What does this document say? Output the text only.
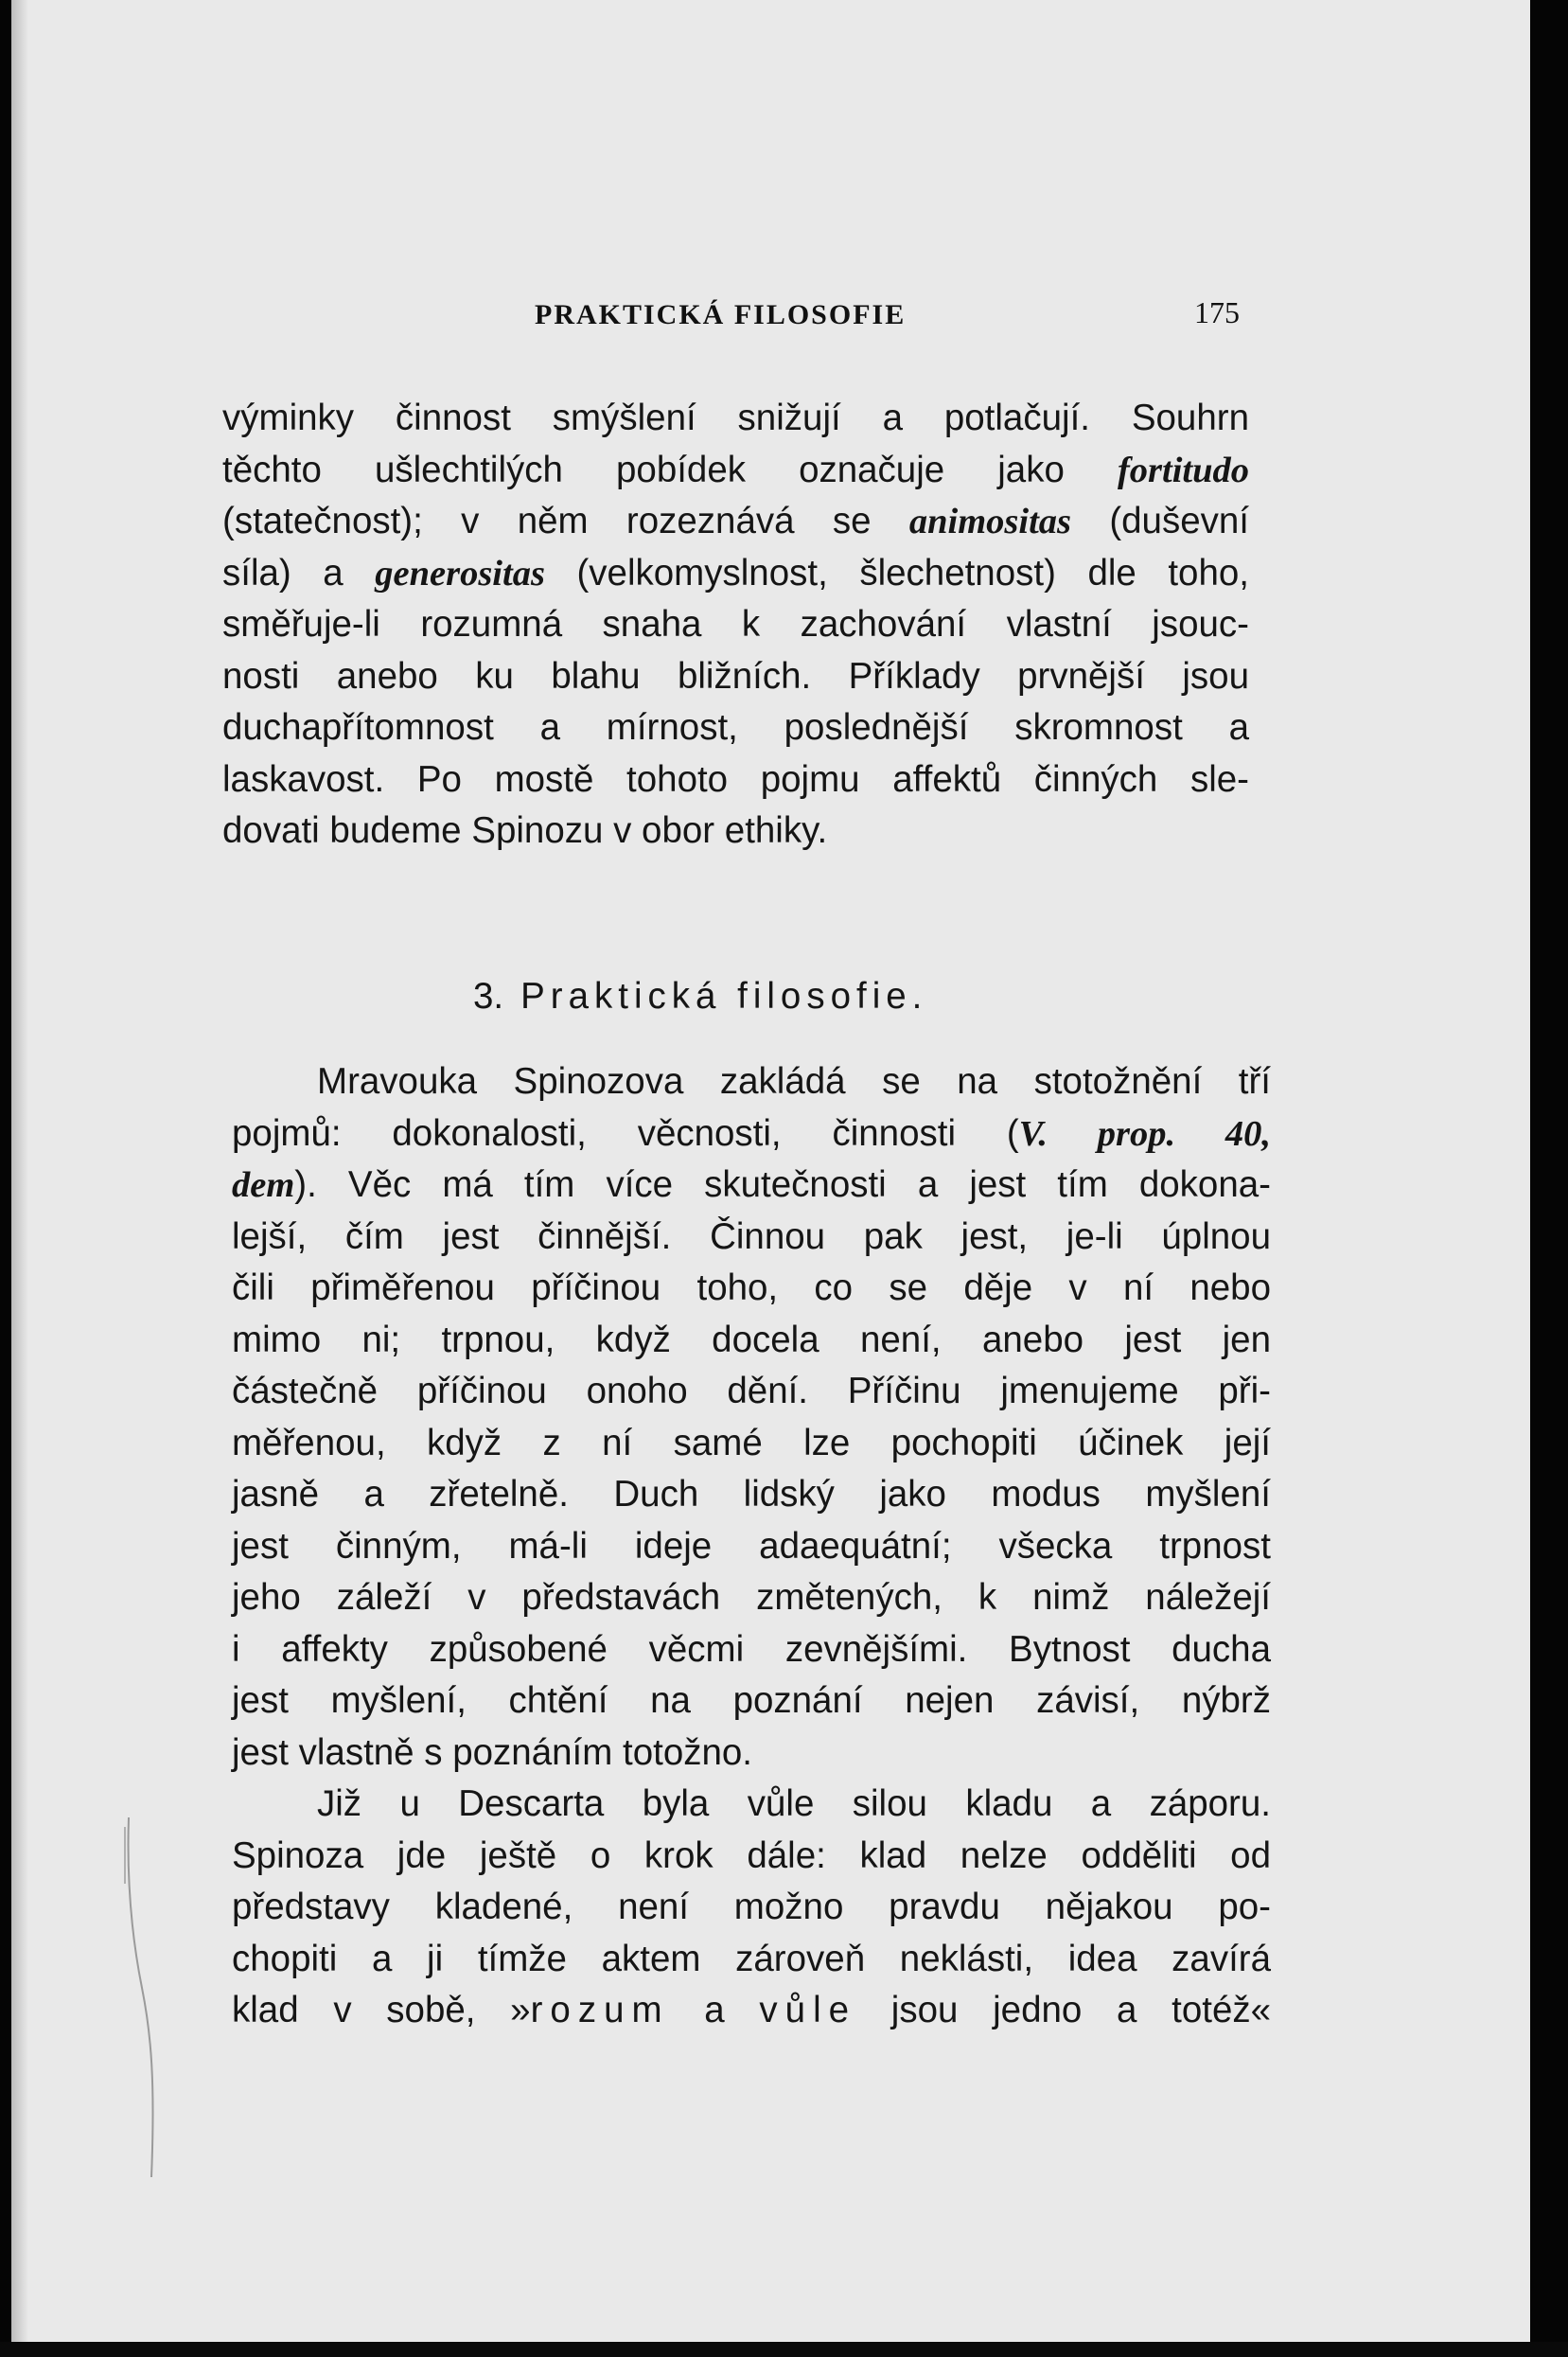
PRAKTICKÁ FILOSOFIE	175
výminky činnost smýšlení snižují a potlačují. Souhrn
těchto ušlechtilých pobídek označuje jako fortitudo
(statečnost); v něm rozeznává se animositas (duševní
síla) a generositas (velkomyslnost, šlechetnost) dle toho,
směřuje-li rozumná snaha k zachování vlastní jsouc-
nosti anebo ku blahu bližních. Příklady prvnější jsou
duchapřítomnost a mírnost, poslednější skromnost a
laskavost. Po mostě tohoto pojmu affektů činných sle-
dovati budeme Spinozu v obor ethiky.
3. Praktická filosofie.
Mravouka Spinozova zakládá se na stotožnění tří
pojmů: dokonalosti, věcnosti, činnosti (V. prop. 40,
dem). Věc má tím více skutečnosti a jest tím dokona-
lejší, čím jest činnější. Činnou pak jest, je-li úplnou
čili přiměřenou příčinou toho, co se děje v ní nebo
mimo ni; trpnou, když docela není, anebo jest jen
částečně příčinou onoho dění. Příčinu jmenujeme při-
měřenou, když z ní samé lze pochopiti účinek její
jasně a zřetelně. Duch lidský jako modus myšlení
jest činným, má-li ideje adaequátní; všecka trpnost
jeho záleží v představách změtených, k nimž náležejí
i affekty způsobené věcmi zevnějšími. Bytnost ducha
jest myšlení, chtění na poznání nejen závisí, nýbrž
jest vlastně s poznáním totožno.
Již u Descarta byla vůle silou kladu a záporu.
Spinoza jde ještě o krok dále: klad nelze odděliti od
představy kladené, není možno pravdu nějakou po-
chopiti a ji tímže aktem zároveň neklásti, idea zavírá
klad v sobě, »rozum a vůle jsou jedno a totéž«
